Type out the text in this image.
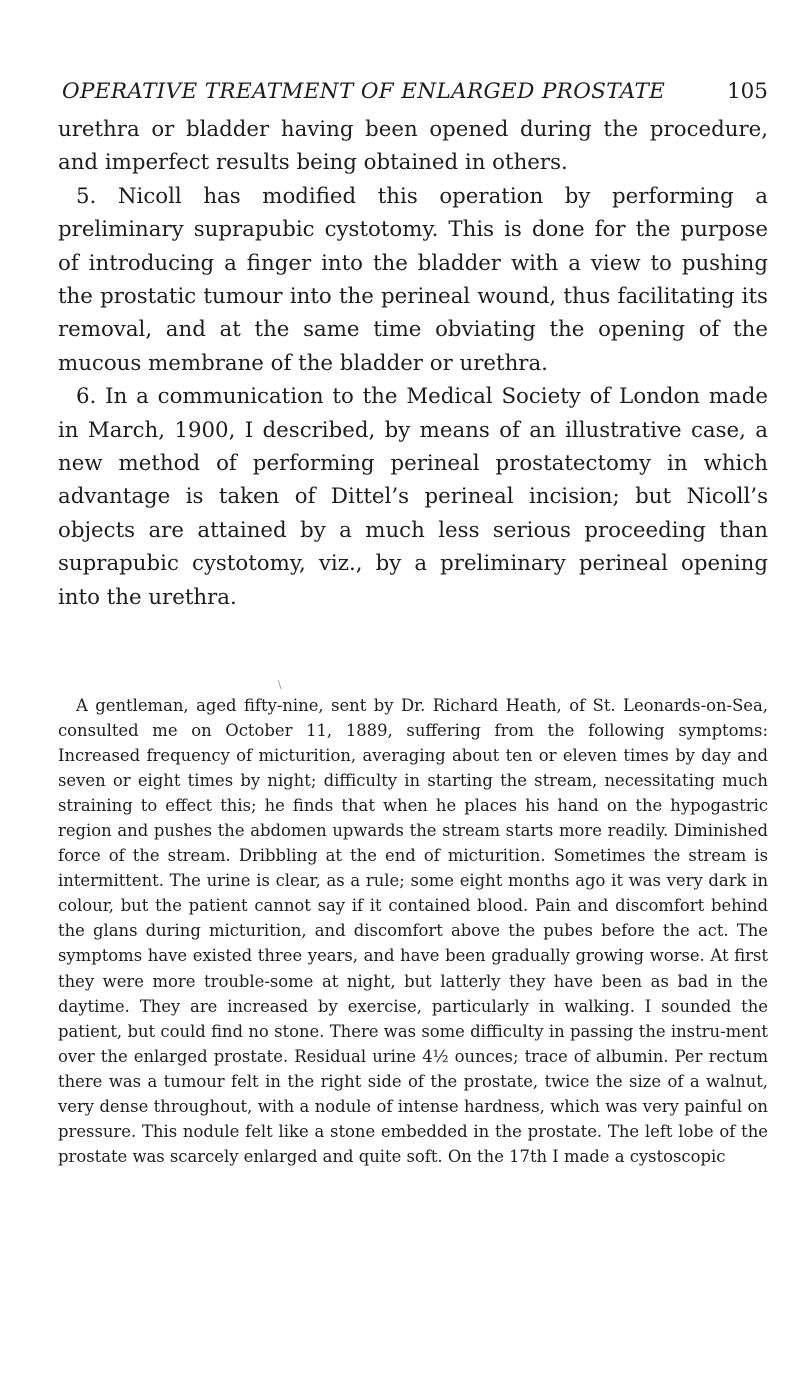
OPERATIVE TREATMENT OF ENLARGED PROSTATE	105

urethra or bladder having been opened during the procedure, and imperfect results being obtained in others.

5. Nicoll has modified this operation by performing a preliminary suprapubic cystotomy. This is done for the purpose of introducing a finger into the bladder with a view to pushing the prostatic tumour into the perineal wound, thus facilitating its removal, and at the same time obviating the opening of the mucous membrane of the bladder or urethra.

6. In a communication to the Medical Society of London made in March, 1900, I described, by means of an illustrative case, a new method of performing perineal prostatectomy in which advantage is taken of Dittel’s perineal incision; but Nicoll’s objects are attained by a much less serious proceeding than suprapubic cystotomy, viz., by a preliminary perineal opening into the urethra.

\

A gentleman, aged fifty-nine, sent by Dr. Richard Heath, of St. Leonards-on-Sea, consulted me on October 11, 1889, suffering from the following symptoms: Increased frequency of micturition, averaging about ten or eleven times by day and seven or eight times by night; difficulty in starting the stream, necessitating much straining to effect this; he finds that when he places his hand on the hypogastric region and pushes the abdomen upwards the stream starts more readily. Diminished force of the stream. Dribbling at the end of micturition. Sometimes the stream is intermittent. The urine is clear, as a rule; some eight months ago it was very dark in colour, but the patient cannot say if it contained blood. Pain and discomfort behind the glans during micturition, and discomfort above the pubes before the act. The symptoms have existed three years, and have been gradually growing worse. At first they were more trouble-some at night, but latterly they have been as bad in the daytime. They are increased by exercise, particularly in walking. I sounded the patient, but could find no stone. There was some difficulty in passing the instru-ment over the enlarged prostate. Residual urine 4½ ounces; trace of albumin. Per rectum there was a tumour felt in the right side of the prostate, twice the size of a walnut, very dense throughout, with a nodule of intense hardness, which was very painful on pressure. This nodule felt like a stone embedded in the prostate. The left lobe of the prostate was scarcely enlarged and quite soft. On the 17th I made a cystoscopic
